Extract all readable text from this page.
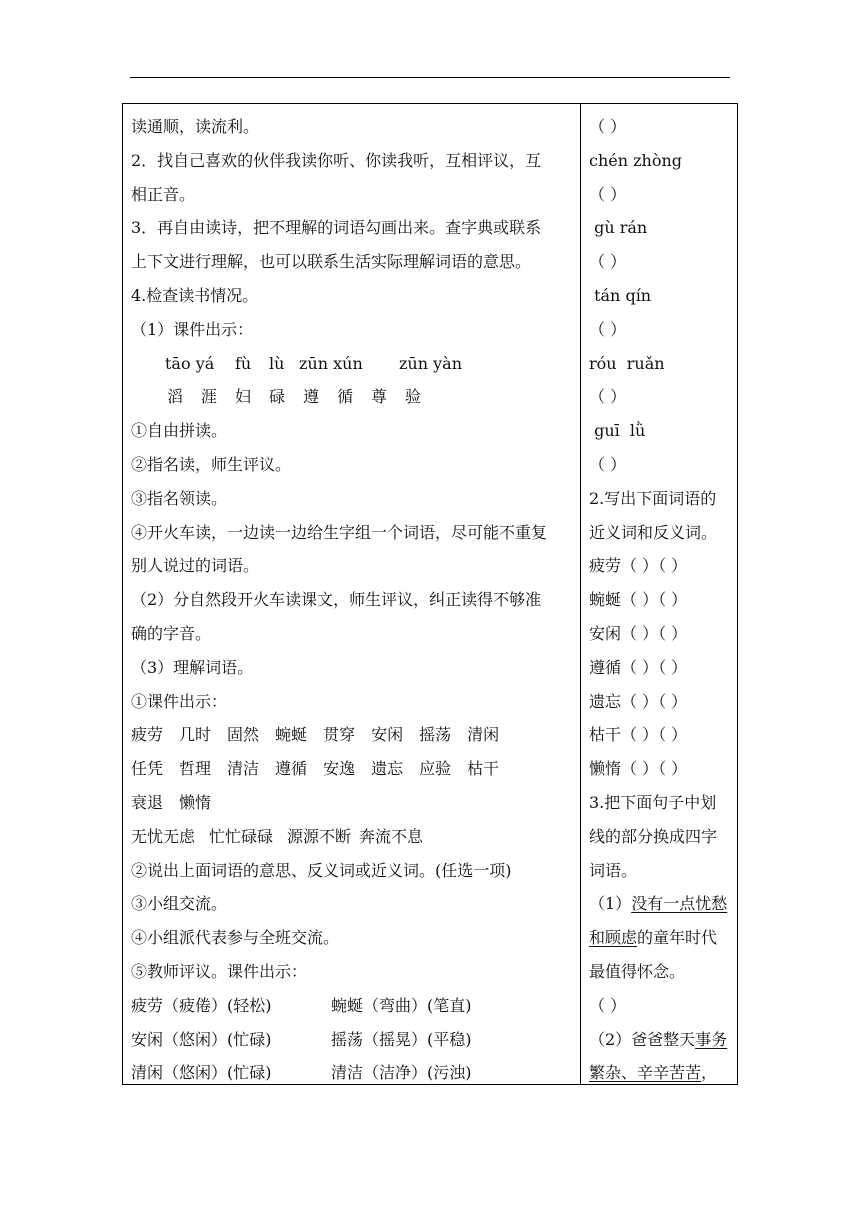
读通顺，读流利。
2．找自己喜欢的伙伴我读你听、你读我听，互相评议，互
相正音。
3．再自由读诗，把不理解的词语勾画出来。查字典或联系
上下文进行理解，也可以联系生活实际理解词语的意思。
4.检查读书情况。
（1）课件出示：
tāo yá fù lù zūn xún zūn yàn
滔 涯 妇 碌 遵 循 尊 验
①自由拼读。
②指名读，师生评议。
③指名领读。
④开火车读，一边读一边给生字组一个词语，尽可能不重复
别人说过的词语。
（2）分自然段开火车读课文，师生评议，纠正读得不够准
确的字音。
（3）理解词语。
①课件出示：
疲劳 几时 固然 蜿蜒 贯穿 安闲 摇荡 清闲
任凭 哲理 清洁 遵循 安逸 遗忘 应验 枯干
衰退 懒惰
无忧无虑 忙忙碌碌 源源不断 奔流不息
②说出上面词语的意思、反义词或近义词。(任选一项)
③小组交流。
④小组派代表参与全班交流。
⑤教师评议。课件出示：
疲劳（疲倦）(轻松)	蜿蜒（弯曲）(笔直)
安闲（悠闲）(忙碌)	摇荡（摇晃）(平稳)
清闲（悠闲）(忙碌)	清洁（洁净）(污浊)
（ ）
chén zhòng
（ ）
gù rán
（ ）
tán qín
（ ）
róu  ruǎn
（ ）
guī  lǜ
（ ）
2.写出下面词语的
近义词和反义词。
疲劳（ ）（ ）
蜿蜒（ ）（ ）
安闲（ ）（ ）
遵循（ ）（ ）
遗忘（ ）（ ）
枯干（ ）（ ）
懒惰（ ）（ ）
3.把下面句子中划
线的部分换成四字
词语。
（1）没有一点忧愁
和顾虑的童年时代
最值得怀念。
（ ）
（2）爸爸整天事务
繁杂、辛辛苦苦，
